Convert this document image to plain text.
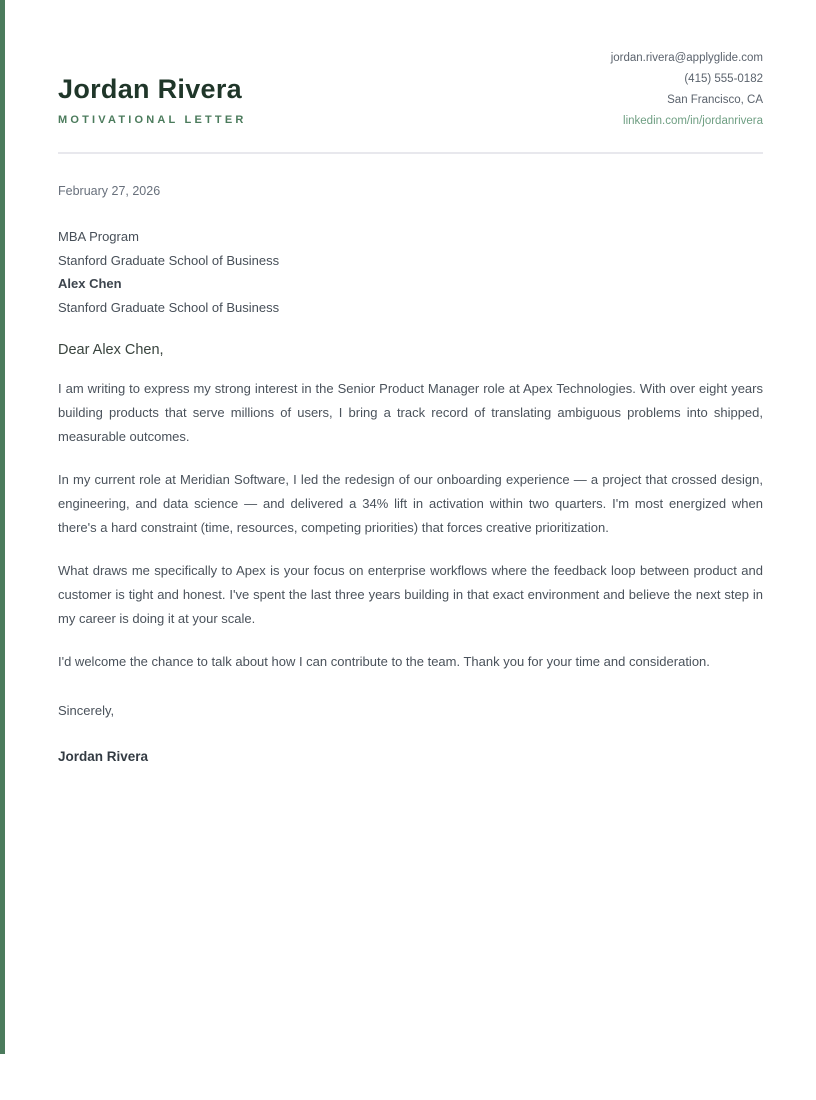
Jordan Rivera
MOTIVATIONAL LETTER
jordan.rivera@applyglide.com
(415) 555-0182
San Francisco, CA
linkedin.com/in/jordanrivera
February 27, 2026
MBA Program
Stanford Graduate School of Business
Alex Chen
Stanford Graduate School of Business
Dear Alex Chen,

I am writing to express my strong interest in the Senior Product Manager role at Apex Technologies. With over eight years building products that serve millions of users, I bring a track record of translating ambiguous problems into shipped, measurable outcomes.

In my current role at Meridian Software, I led the redesign of our onboarding experience — a project that crossed design, engineering, and data science — and delivered a 34% lift in activation within two quarters. I'm most energized when there's a hard constraint (time, resources, competing priorities) that forces creative prioritization.

What draws me specifically to Apex is your focus on enterprise workflows where the feedback loop between product and customer is tight and honest. I've spent the last three years building in that exact environment and believe the next step in my career is doing it at your scale.

I'd welcome the chance to talk about how I can contribute to the team. Thank you for your time and consideration.

Sincerely,
Jordan Rivera
